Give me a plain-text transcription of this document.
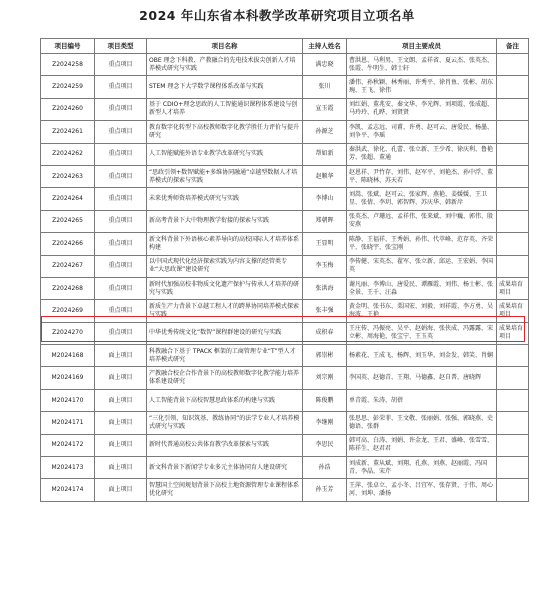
2024 年山东省本科教学改革研究项目立项名单
项目编号	项目类型	项目名称	主持人姓名	项目主要成员	备注
Z2024258	重点项目	OBE 理念下科教、产教融合的先电技术拔尖创新人才培养模式研究与实践	满忠晓	曹洪恩、马利男、王文朗、孟祥省、夏云杰、张英杰、张霞、牛明生、韩士轩	
Z2024259	重点项目	STEM 理念下大学数学课程体系改革与实践	张川	潘伟、孙秋颖、林秀丽、许秀平、徐肖鱼、张彬、胡东琬、王飞、徐伟	
Z2024260	重点项目	基于 CDIO+理念思政的人工智能通识课程体系建设与创新型人才培养	宣玉霞	刘红娟、董兆安、秦文华、李光辉、刘项霞、张成超、马玲玲、孔晔、刘贤贤	
Z2024261	重点项目	教育数字化转型下高校教师数字化教学胜任力评价与提升研究	孙源芝	李凯、孟志远、司甫、许勇、赵可云、唐爱民、杨墨、刘争平、李瑶	
Z2024262	重点项目	人工智能赋能外语专业教学改革研究与实践	帮如新	秦洪武、徐化、孔蕾、张立新、王少希、徐庆利、鲁艳芳、张超、董通	
Z2024263	重点项目	“思政引领+数智赋能+多维协同融通”卓越型数据人才培养模式的探索与实践	赵顺华	赵恩祥、尹竹存、刘伟、赵军平、刘艳杰、孙中浮、董平、陈晓林、苏天若	
Z2024264	重点项目	未来优秀师资培养模式研究与实践	李博山	刘嵩、张斌、赵可云、张家辉、燕艳、姜媛媛、王卫星、张倩、李玥、郭智辉、苏庆华、韩新岸	
Z2024265	重点项目	新高考背景下大中物理教学衔接的探索与实践	郑朝晖	张英杰、卢珊远、孟祥伟、张来斌、刘中巍、郭伟、殷安燕	
Z2024266	重点项目	新文科背景下外语核心素养导向的高校国际人才培养体系构建	王显明	陈静、王福祥、王秀娟、孙伟、代萃峰、范存英、齐荣平、张晓宇、张宝刚	
Z2024267	重点项目	以中国式现代化经济探索实践为内容支撑的经管类专业“大思政课”建设研究	李玉梅	李传健、宋英杰、翟军、张立新、邱运、王宏娟、李国英	
Z2024268	重点项目	新时代加强高校非物质文化遗产保护与传承人才培养的研究与实践	张洪海	谢凡丽、李博山、唐爱民、谭雁霞、刘伟、杨士彬、张全景、王千、汪淼	成果培育项目
Z2024269	重点项目	新质生产力背景下卓越工程人才的跨界协同培养模式探索与实践	张丰强	黄金明、张书东、栗国宏、刘毅、刘祥霞、李方勇、吴海波、王艳	成果培育项目
Z2024270	重点项目	中华优秀传统文化“数智”课程群建设的研究与实践	成积春	王庄传、冯振亮、吴平、赵娟海、张侠成、冯露露、宋立彬、周海艳、张宝宁、王玉英	成果培育项目
M2024168	面上项目	科教融合下基于 TPACK 框架的工商管理专业“T”型人才培养模式研究	郭崇彬	杨素花、王成飞、杨辉、刘玉华、刘金发、韩笑、肖娴	
M2024169	面上项目	产教融合校企合作背景下的高校教师数字化教学能力培养体系建设研究	刘宗刚	李国英、赵德青、王翔、马德鑫、赵自普、唐晓辉	
M2024170	面上项目	人工智能背景下高校智慧思政体系的构建与实践	陈俊鹏	单青霞、朱涛、胡蓓	
M2024171	面上项目	“三化引领、知识筑基、教练协同”的法学专业人才培养模式研究与实践	李继刚	张思思、彭荣菲、王文敬、张丽娟、张强、郭晓燕、史德语、张群	
M2024172	面上项目	新时代普通高校公共体育教学改革探索与实践	李思民	韩可高、白涛、刘娟、许金龙、王君、盛峰、张雪雪、陈祥生、赵君君	
M2024173	面上项目	新文科背景下新闻学专业多元主体协同育人建设研究	孙浩	刘成新、董从斌、刘翔、孔燕、刘燕、赵丽霞、冯国青、李晶、宋芹	
M2024174	面上项目	智慧国土空间规划背景下高校土地资源管理专业课程体系优化研究	孙玉芳	王萍、张卓立、孟小冬、吕宜军、张存贤、于伟、周心河、刘坤、潘扬	
